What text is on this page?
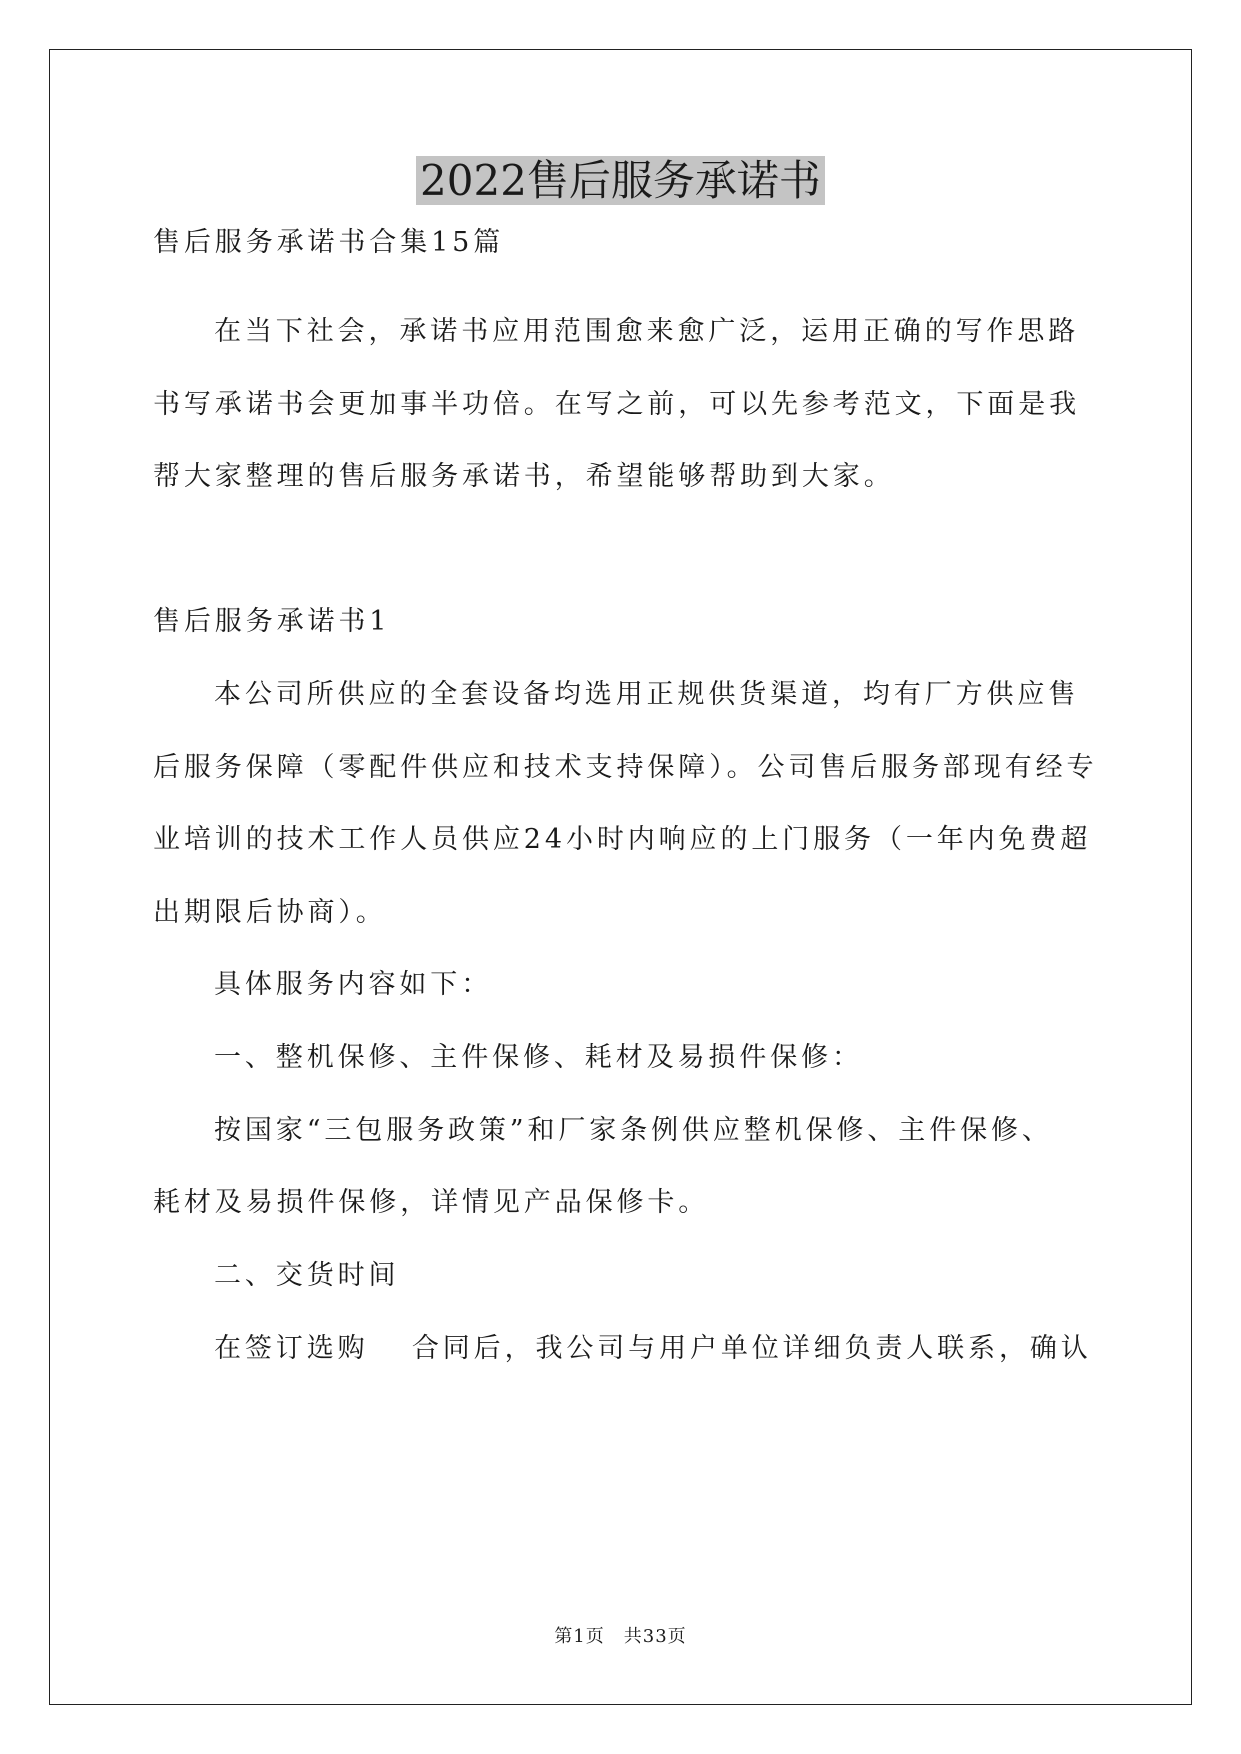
2022售后服务承诺书
售后服务承诺书合集15篇
在当下社会，承诺书应用范围愈来愈广泛，运用正确的写作思路
书写承诺书会更加事半功倍。在写之前，可以先参考范文，下面是我
帮大家整理的售后服务承诺书，希望能够帮助到大家。
售后服务承诺书1
本公司所供应的全套设备均选用正规供货渠道，均有厂方供应售
后服务保障（零配件供应和技术支持保障）。公司售后服务部现有经专
业培训的技术工作人员供应24小时内响应的上门服务（一年内免费超
出期限后协商）。
具体服务内容如下：
一、整机保修、主件保修、耗材及易损件保修：
按国家“三包服务政策”和厂家条例供应整机保修、主件保修、
耗材及易损件保修，详情见产品保修卡。
二、交货时间
在签订选购　 合同后，我公司与用户单位详细负责人联系，确认
第1页　共33页
